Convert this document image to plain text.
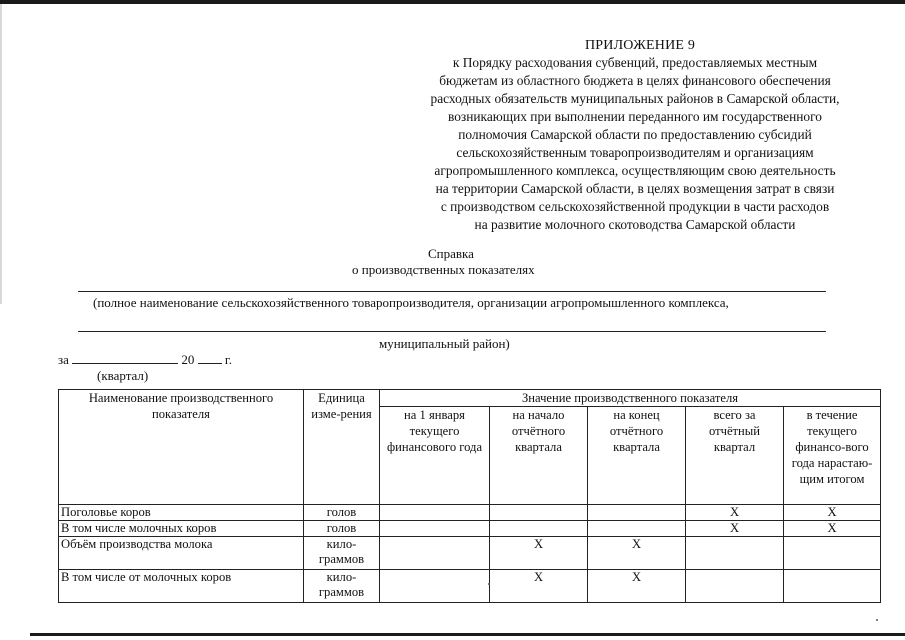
ПРИЛОЖЕНИЕ 9
к Порядку расходования субвенций, предоставляемых местным
бюджетам из областного бюджета в целях финансового обеспечения
расходных обязательств муниципальных районов в Самарской области,
возникающих при выполнении переданного им государственного
полномочия Самарской области по предоставлению субсидий
сельскохозяйственным товаропроизводителям и организациям
агропромышленного комплекса, осуществляющим свою деятельность
на территории Самарской области, в целях возмещения затрат в связи
с производством сельскохозяйственной продукции в части расходов
на развитие молочного скотоводства Самарской области
Справка
о производственных показателях
(полное наименование сельскохозяйственного товаропроизводителя, организации агропромышленного комплекса,
муниципальный район)
за	20 г.
(квартал)
Наименование производственного показателя	Единица изме-рения	Значение производственного показателя				
		на 1 января текущего финансового года	на начало отчётного квартала	на конец отчётного квартала	всего за отчётный квартал	в течение текущего финансо-вого года нарастаю-щим итогом
Поголовье коров	голов				X	X
В том числе молочных коров	голов				X	X
Объём производства молока	кило-граммов		X	X		
В том числе от молочных коров	кило-граммов		X	X		
